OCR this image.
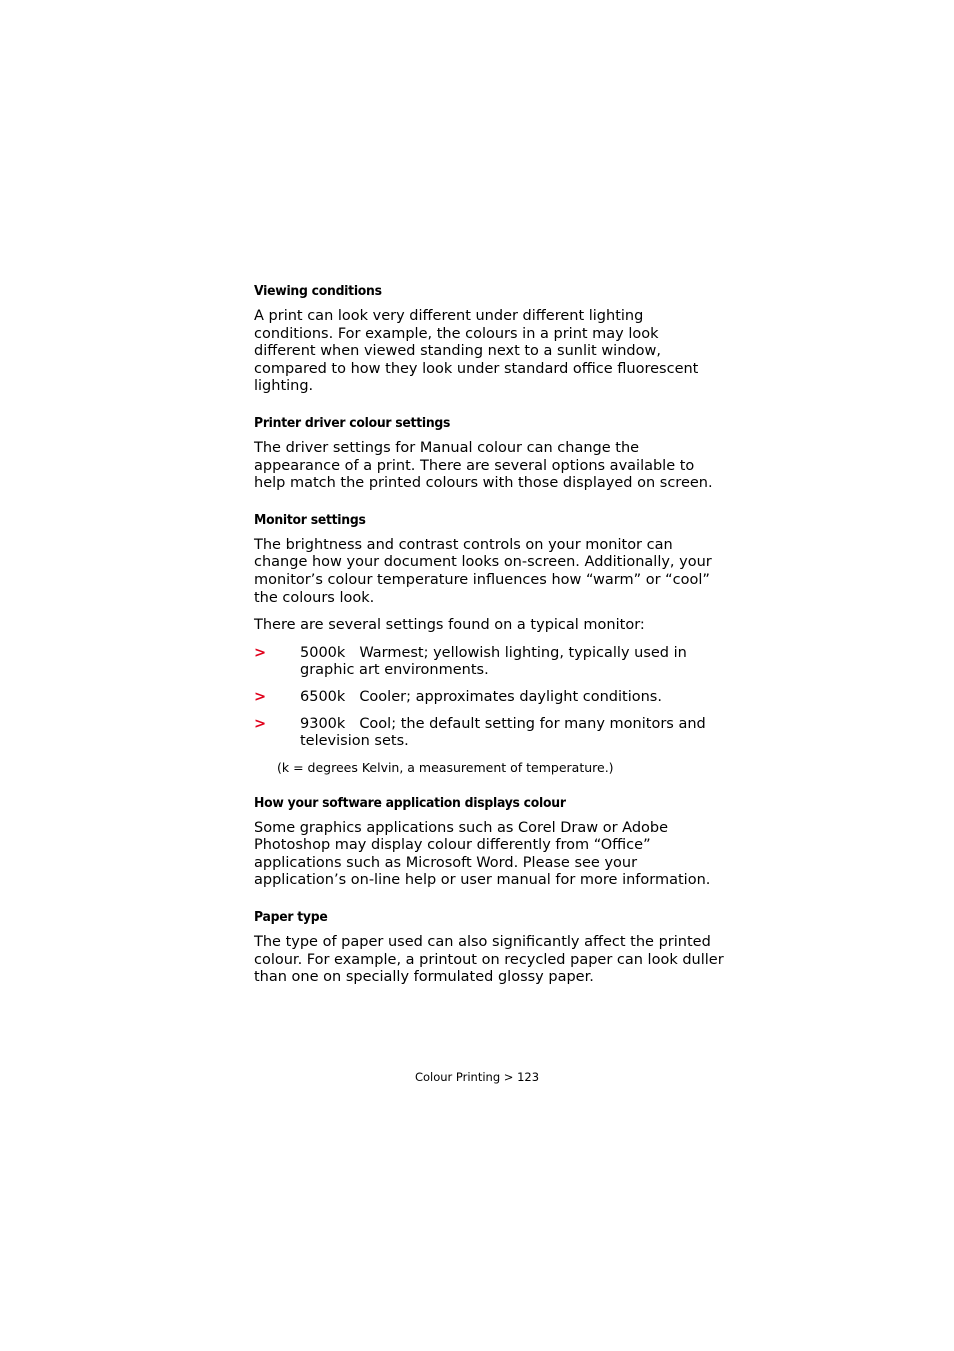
Viewing conditions

A print can look very different under different lighting conditions. For example, the colours in a print may look different when viewed standing next to a sunlit window, compared to how they look under standard office fluorescent lighting.

Printer driver colour settings

The driver settings for Manual colour can change the appearance of a print. There are several options available to help match the printed colours with those displayed on screen.

Monitor settings

The brightness and contrast controls on your monitor can change how your document looks on-screen. Additionally, your monitor’s colour temperature influences how “warm” or “cool” the colours look.

There are several settings found on a typical monitor:

> 5000k Warmest; yellowish lighting, typically used in graphic art environments.
> 6500k Cooler; approximates daylight conditions.
> 9300k Cool; the default setting for many monitors and television sets.

(k = degrees Kelvin, a measurement of temperature.)

How your software application displays colour

Some graphics applications such as Corel Draw or Adobe Photoshop may display colour differently from “Office” applications such as Microsoft Word. Please see your application’s on-line help or user manual for more information.

Paper type

The type of paper used can also significantly affect the printed colour. For example, a printout on recycled paper can look duller than one on specially formulated glossy paper.

Colour Printing > 123
